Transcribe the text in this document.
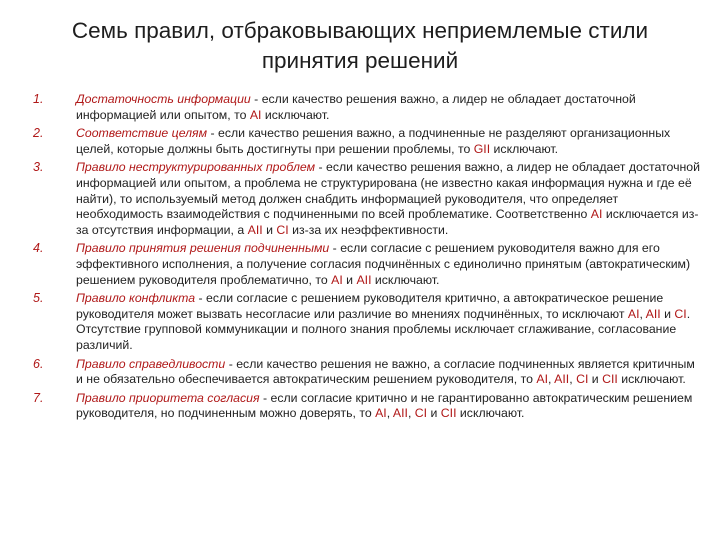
Семь правил, отбраковывающих неприемлемые стили принятия решений
1.	Достаточность информации - если качество решения важно, а лидер не обладает достаточной информацией или опытом, то AI исключают.

2.	Соответствие целям - если качество решения важно, а подчиненные не разделяют организационных целей, которые должны быть достигнуты при решении проблемы, то GII исключают.

3.	Правило неструктурированных проблем - если качество решения важно, а лидер не обладает достаточной информацией или опытом, а проблема не структурирована (не известно какая информация нужна и где её найти), то используемый метод должен снабдить информацией руководителя, что определяет необходимость взаимодействия с подчиненными по всей проблематике. Соответственно AI исключается из-за отсутствия информации, а AII и CI из-за их неэффективности.

4.	Правило принятия решения подчиненными - если согласие с решением руководителя важно для его эффективного исполнения, а получение согласия подчинённых с единолично принятым (автократическим) решением руководителя проблематично, то AI и AII исключают.

5.	Правило конфликта - если согласие с решением руководителя критично, а автократическое решение руководителя может вызвать несогласие или различие во мнениях подчинённых, то исключают AI, AII и CI. Отсутствие групповой коммуникации и полного знания проблемы исключает сглаживание, согласование различий.

6.	Правило справедливости - если качество решения не важно, а согласие подчиненных является критичным и не обязательно обеспечивается автократическим решением руководителя, то AI, AII, CI и CII исключают.

7.	Правило приоритета согласия - если согласие критично и не гарантированно автократическим решением руководителя, но подчиненным можно доверять, то AI, AII, CI и CII исключают.
